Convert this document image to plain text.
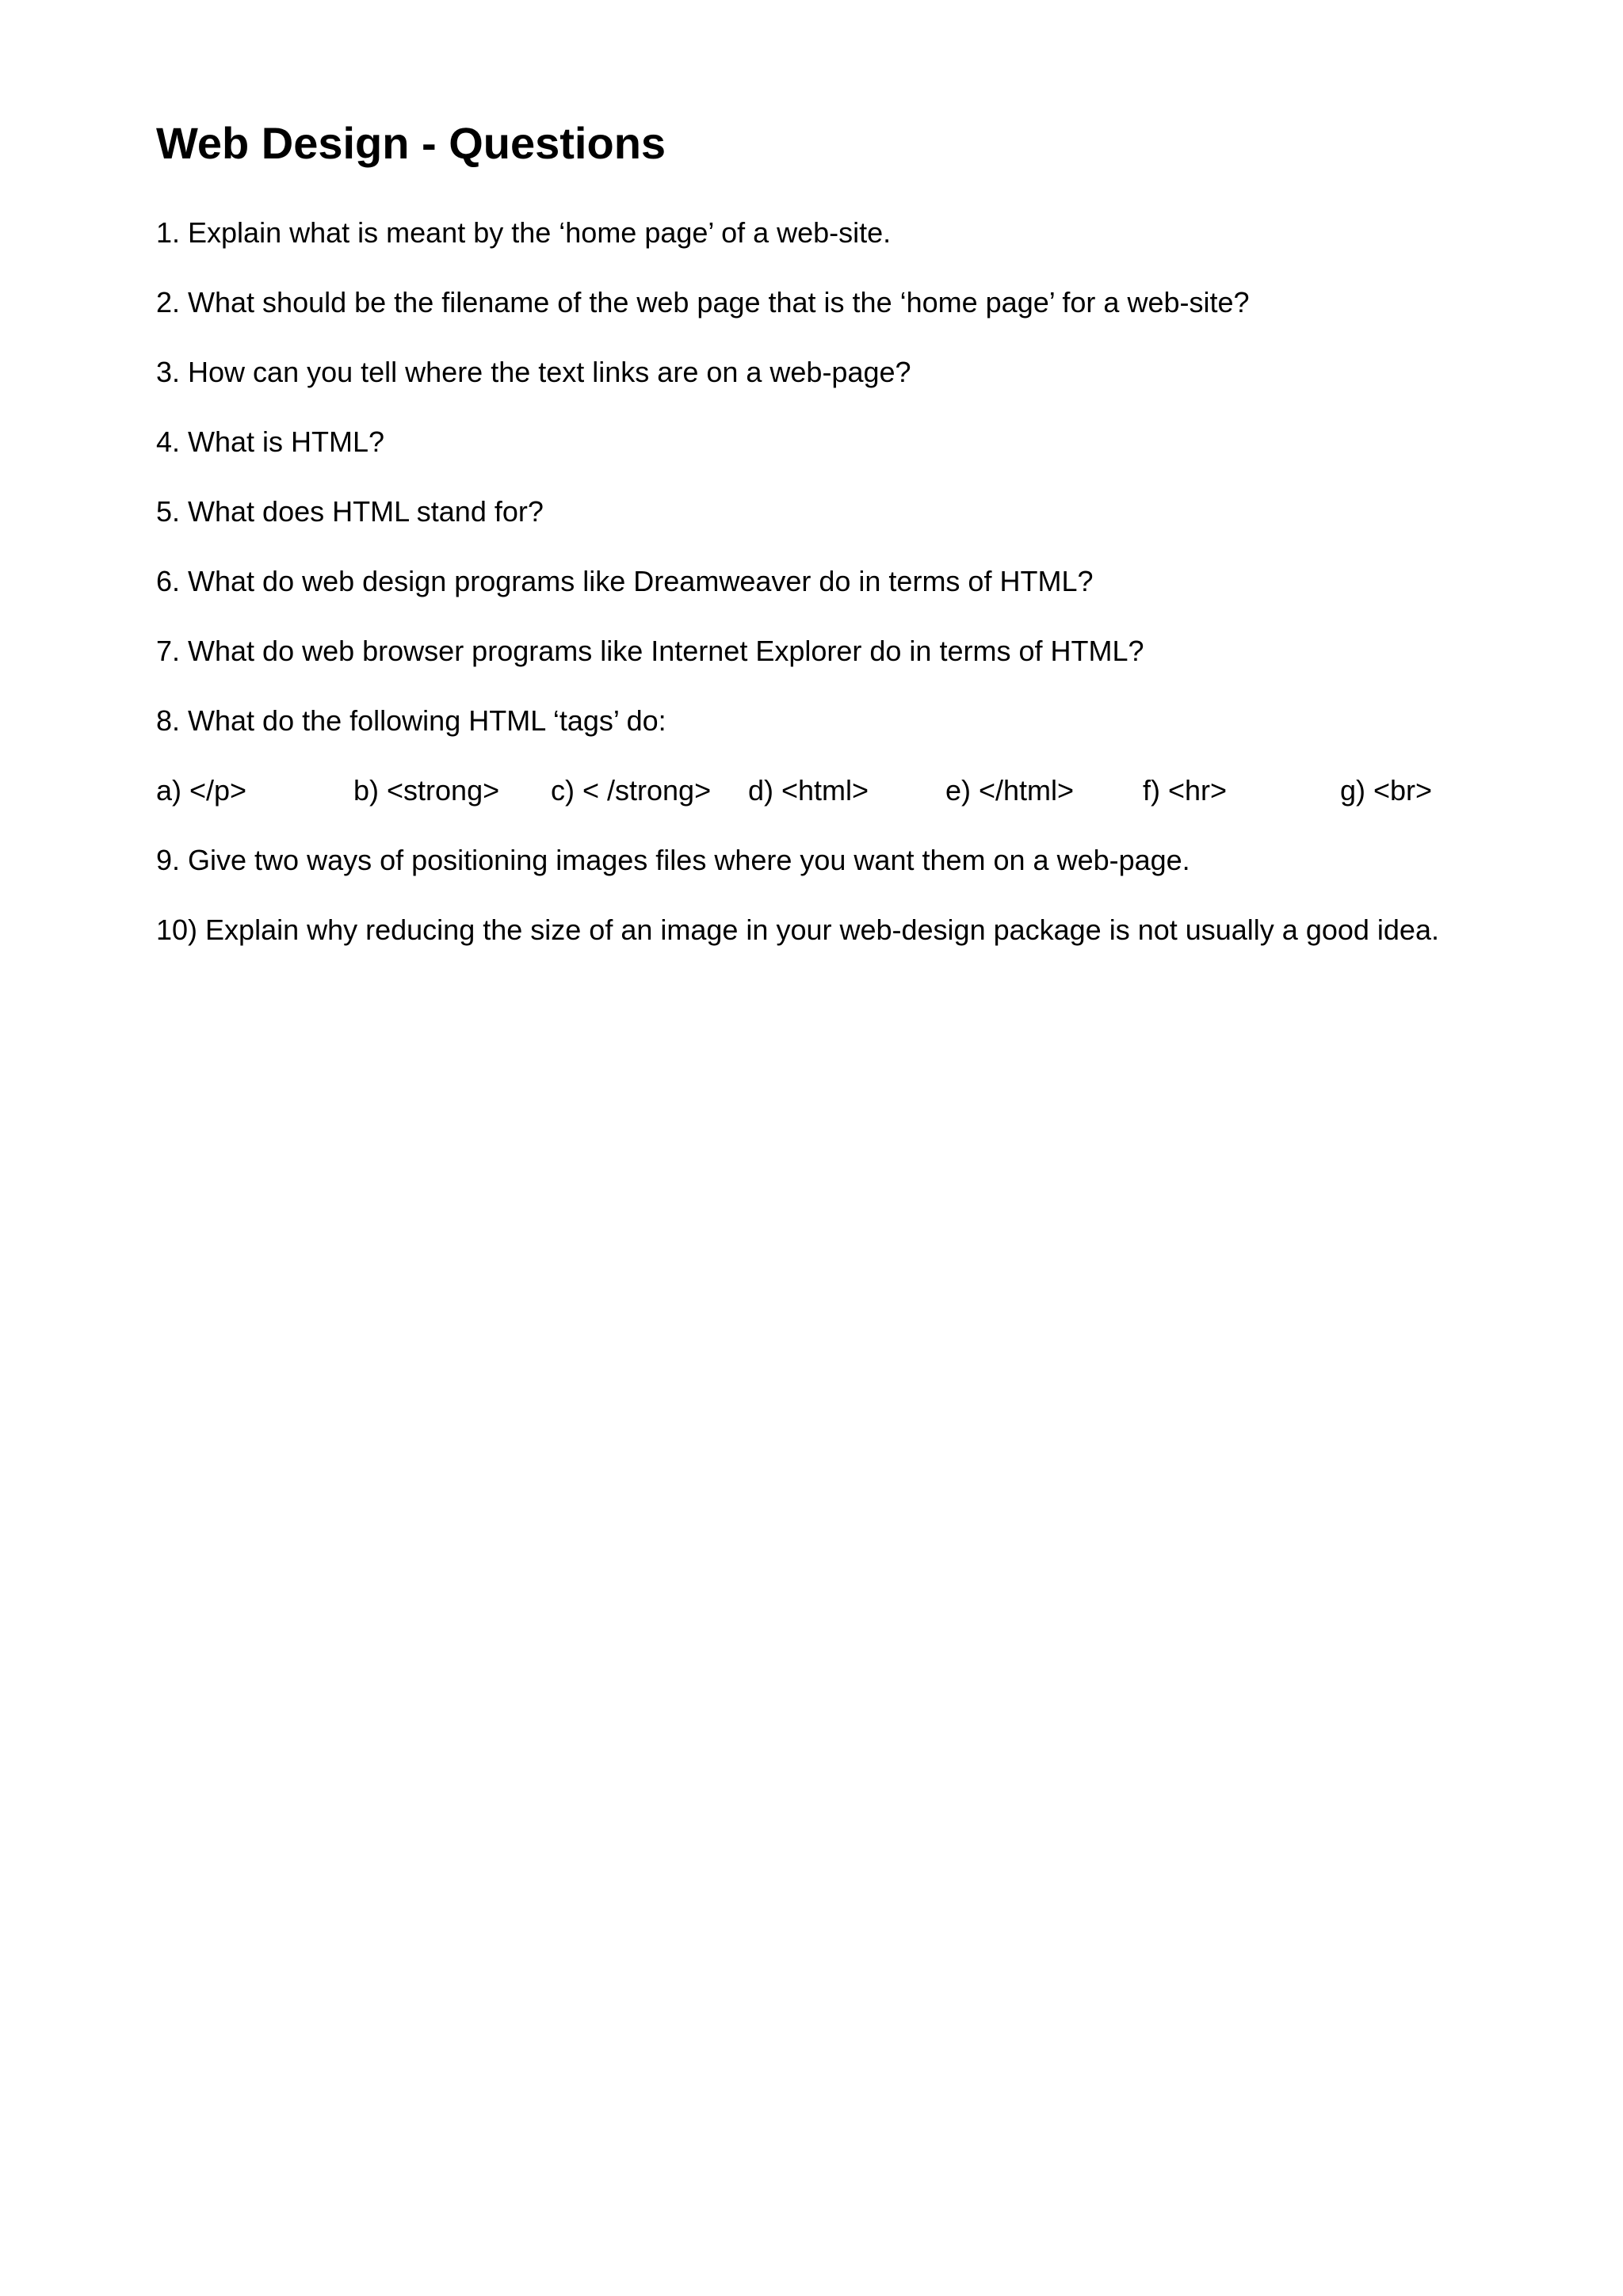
Web Design - Questions

1. Explain what is meant by the ‘home page’ of a web-site.

2. What should be the filename of the web page that is the ‘home page’ for a web-site?

3. How can you tell where the text links are on a web-page?

4. What is HTML?

5. What does HTML stand for?

6. What do web design programs like Dreamweaver do in terms of HTML?

7. What do web browser programs like Internet Explorer do in terms of HTML?

8. What do the following HTML ‘tags’ do:

a) </p>	b) <strong> c) < /strong> d) <html>	e) </html> f) <hr>	g) <br>

9. Give two ways of positioning images files where you want them on a web-page.

10) Explain why reducing the size of an image in your web-design package is not usually a good idea.
